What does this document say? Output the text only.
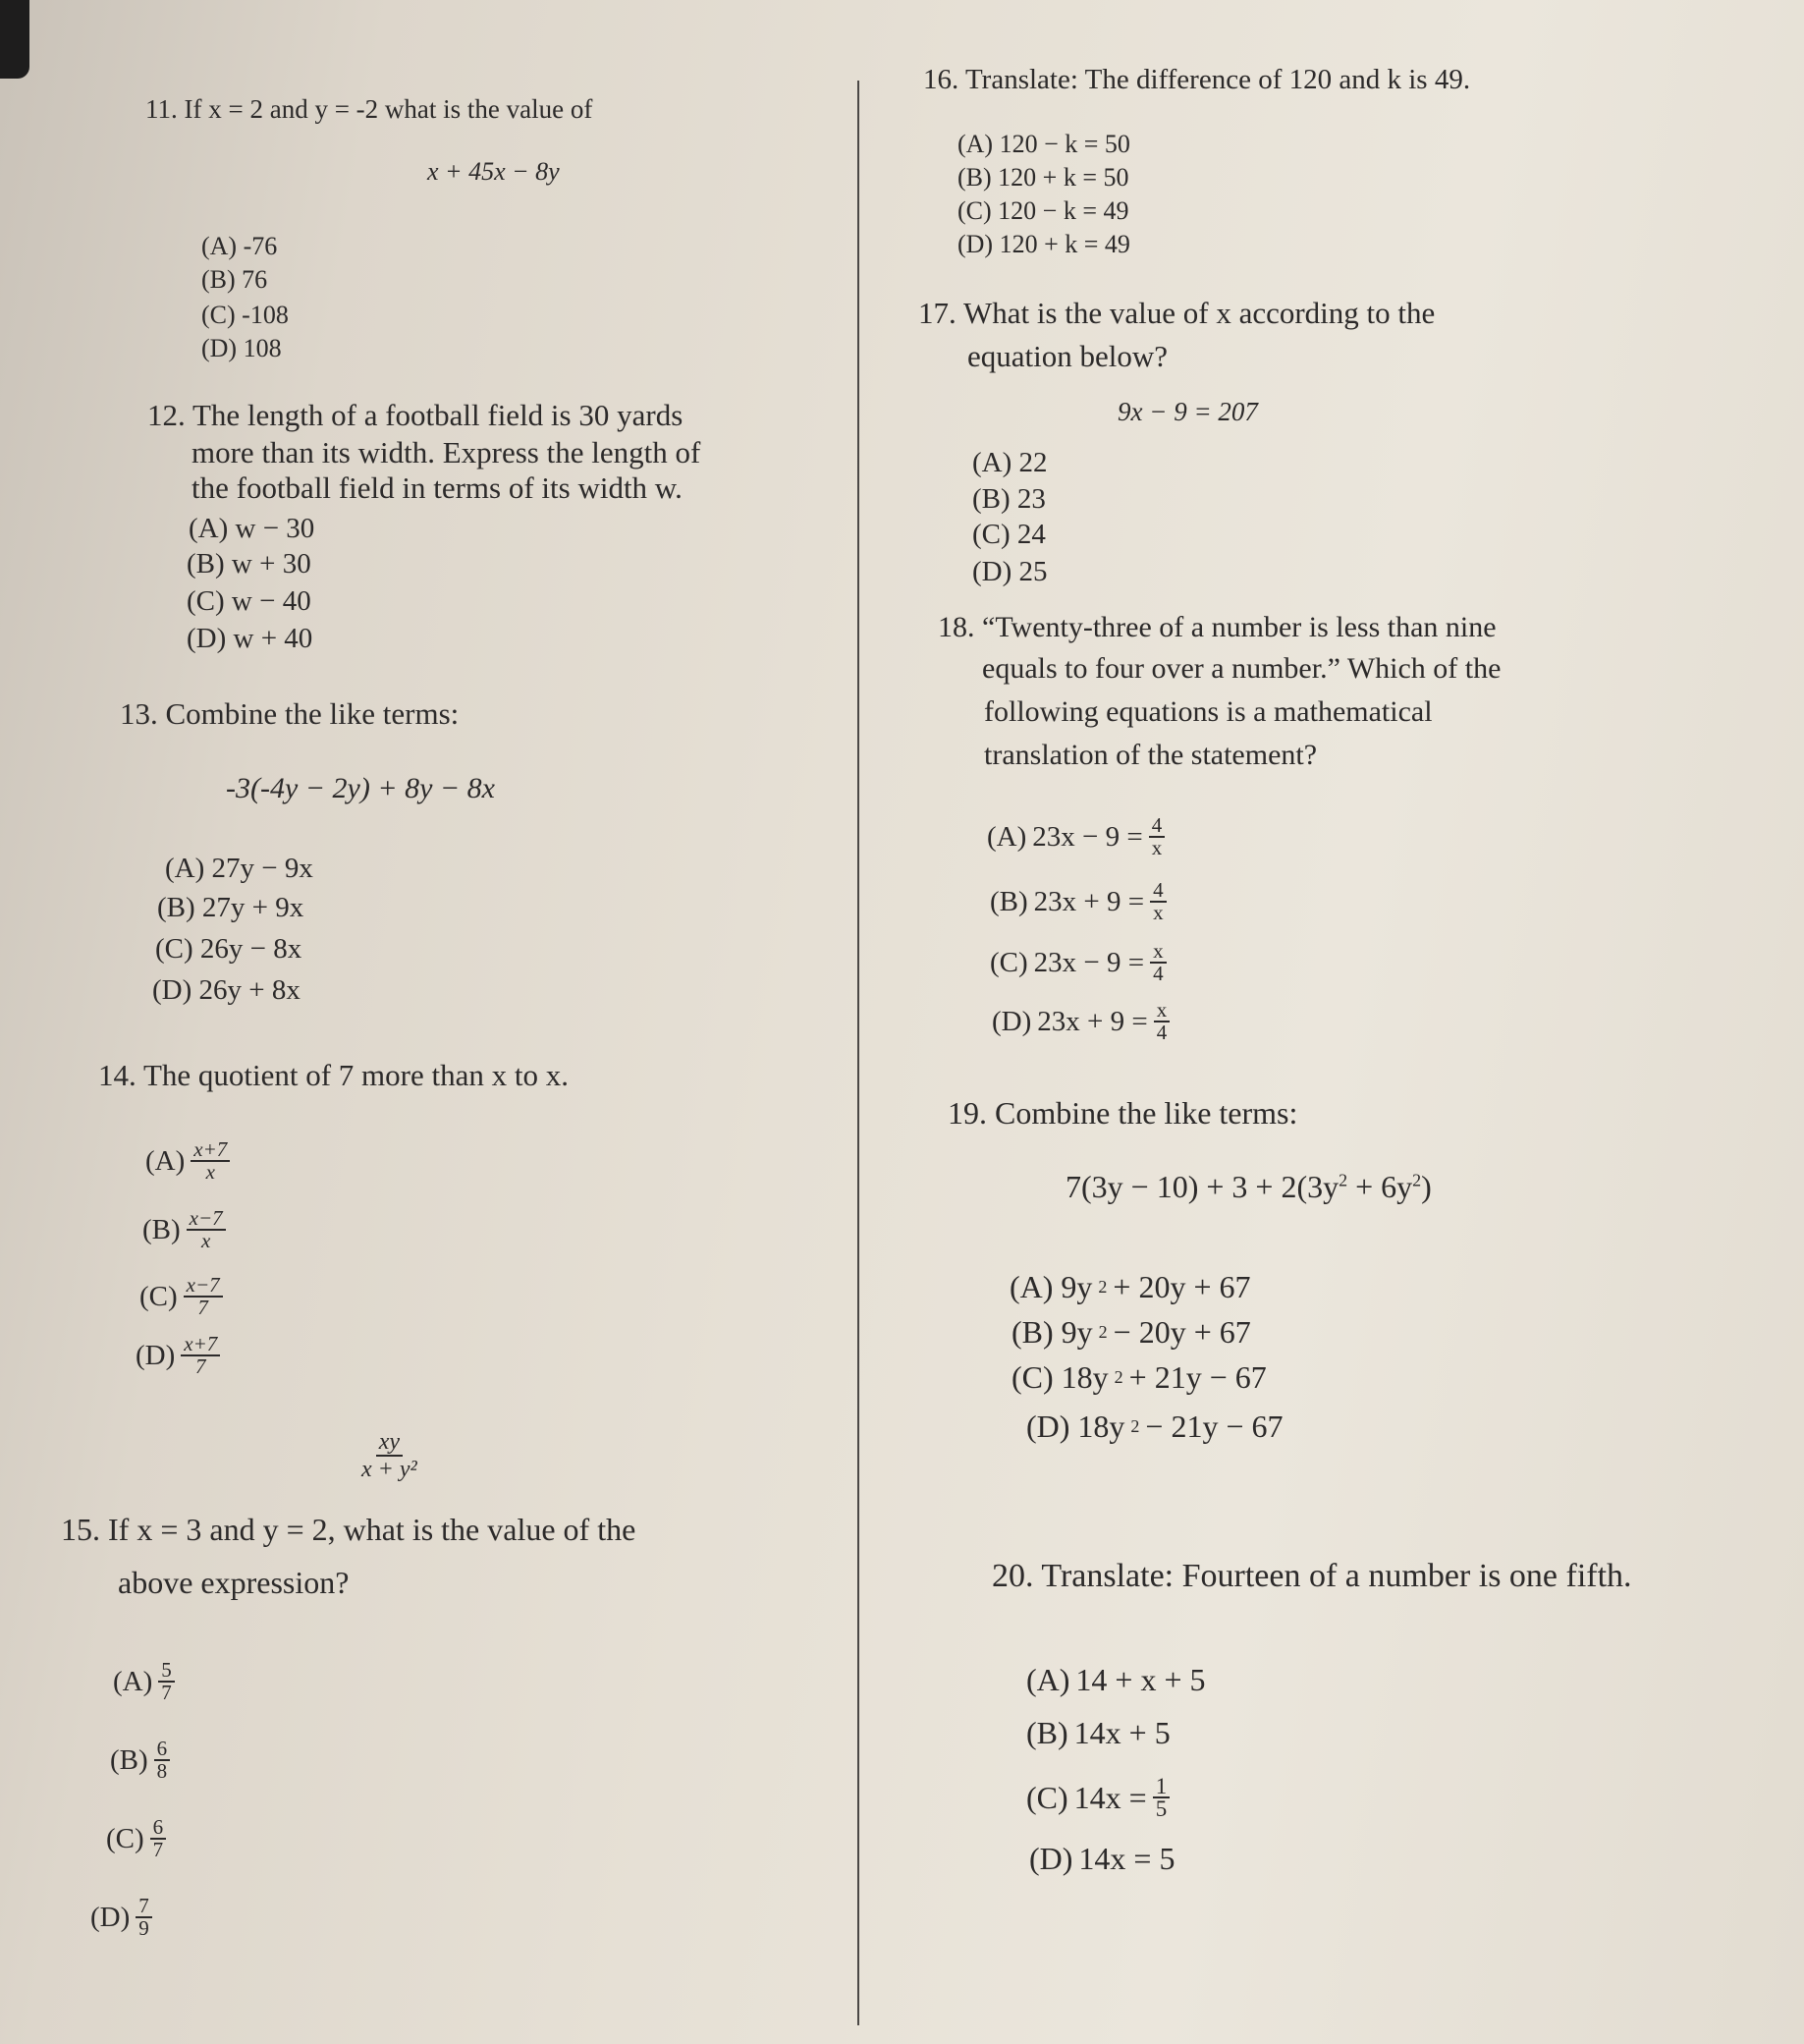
11. If x = 2 and y = -2 what is the value of
x + 45x − 8y
(A) -76
(B) 76
(C) -108
(D) 108
12. The length of a football field is 30 yards
more than its width. Express the length of
the football field in terms of its width w.
(A) w − 30
(B) w + 30
(C) w − 40
(D) w + 40
13. Combine the like terms:
-3(-4y − 2y) + 8y − 8x
(A) 27y − 9x
(B) 27y + 9x
(C) 26y − 8x
(D) 26y + 8x
14. The quotient of 7 more than x to x.
$(A) \frac{x+7}{x}$
$(B) \frac{x-7}{x}$
$(C) \frac{x-7}{7}$
$(D) \frac{x+7}{7}$
$\frac{xy}{\text{x + y²}}$
15. If x = 3 and y = 2, what is the value of the
above expression?
$(A) \frac{5}{7}$
$(B) \frac{6}{8}$
$(C) \frac{6}{7}$
$(D) \frac{7}{9}$
16. Translate: The difference of 120 and k is 49.
(A) 120 − k = 50
(B) 120 + k = 50
(C) 120 − k = 49
(D) 120 + k = 49
17. What is the value of x according to the
equation below?
9x − 9 = 207
(A) 22
(B) 23
(C) 24
(D) 25
18. “Twenty-three of a number is less than nine
equals to four over a number.” Which of the
following equations is a mathematical
translation of the statement?
(A) $23x - 9 = \frac{4}{x}$
(B) $23x + 9 = \frac{4}{x}$
(C) $23x - 9 = \frac{x}{4}$
(D) $23x + 9 = \frac{x}{4}$
19. Combine the like terms:
$7(3y - 10) + 3 + 2(3y^2 + 6y^2)$
(A) 9y 2 + 20y + 67
(B) 9y 2 − 20y + 67
(C) 18y 2 + 21y − 67
(D) 18y 2 − 21y − 67
20. Translate: Fourteen of a number is one fifth.
(A) 14 + x + 5
(B) 14x + 5
(C) $14x = \frac{1}{5}$
(D) 14x = 5
